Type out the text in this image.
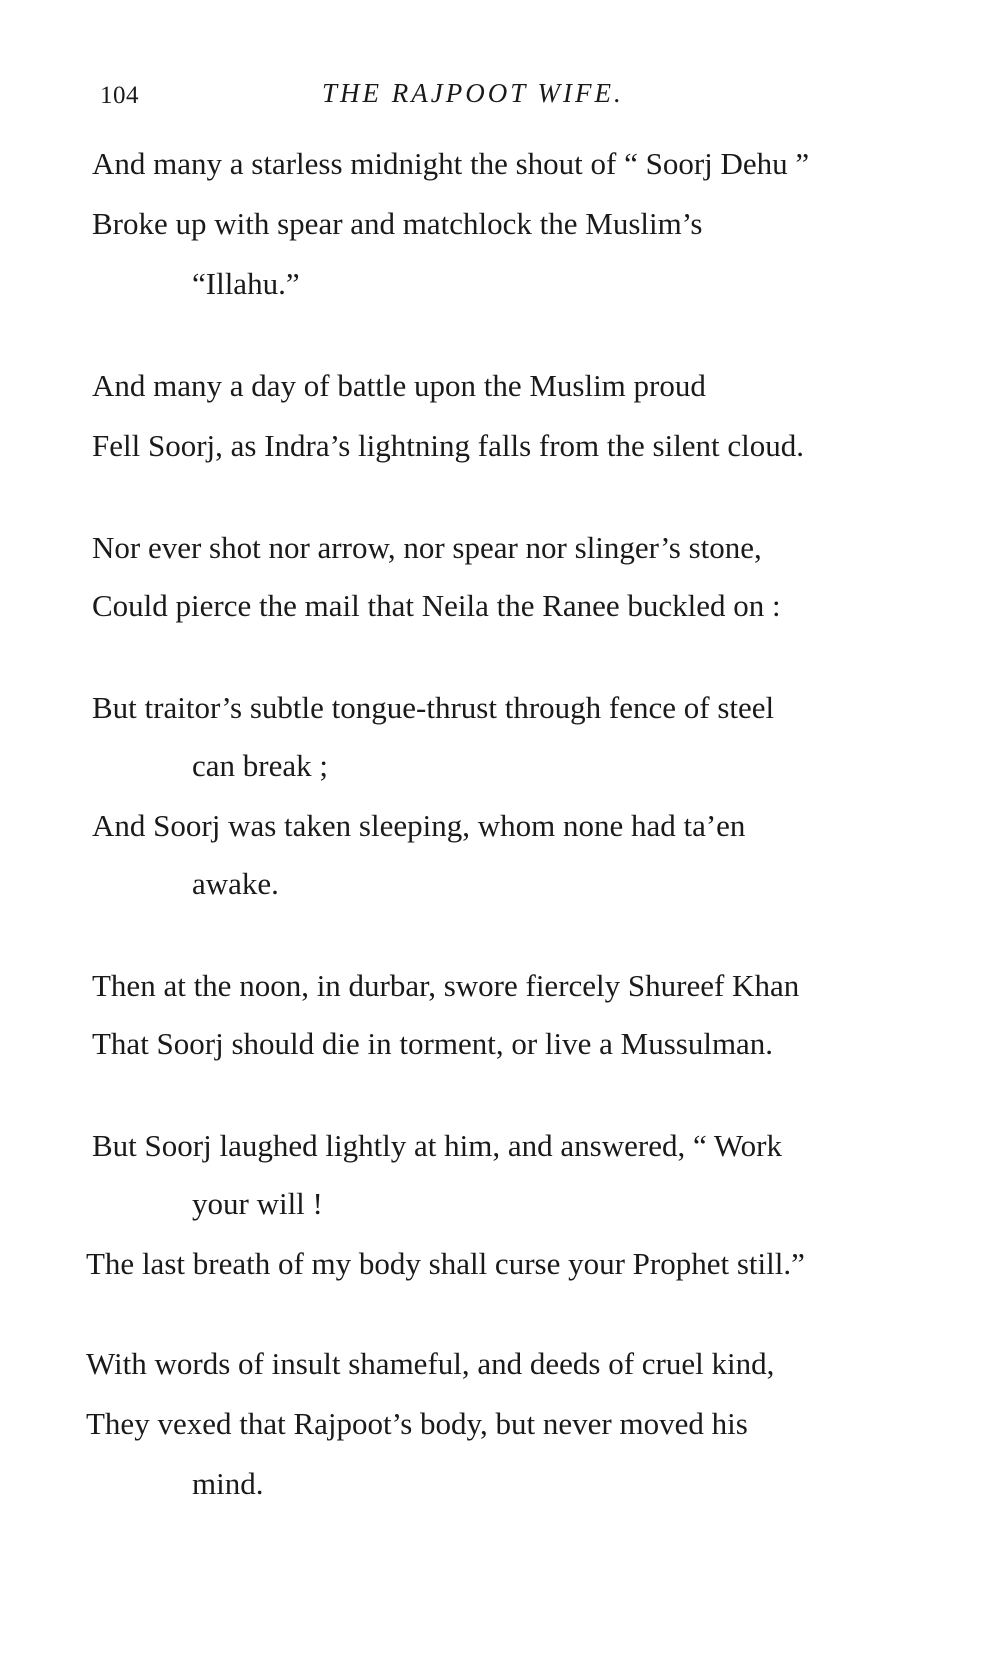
104	THE RAJPOOT WIFE.
And many a starless midnight the shout of “ Soorj Dehu ”
Broke up with spear and matchlock the Muslim’s
“Illahu.”
And many a day of battle upon the Muslim proud
Fell Soorj, as Indra’s lightning falls from the silent cloud.
Nor ever shot nor arrow, nor spear nor slinger’s stone,
Could pierce the mail that Neila the Ranee buckled on :
But traitor’s subtle tongue-thrust through fence of steel
can break ;
And Soorj was taken sleeping, whom none had ta’en
awake.
Then at the noon, in durbar, swore fiercely Shureef Khan
That Soorj should die in torment, or live a Mussulman.
But Soorj laughed lightly at him, and answered, “ Work
your will !
The last breath of my body shall curse your Prophet still.”
With words of insult shameful, and deeds of cruel kind,
They vexed that Rajpoot’s body, but never moved his
mind.
